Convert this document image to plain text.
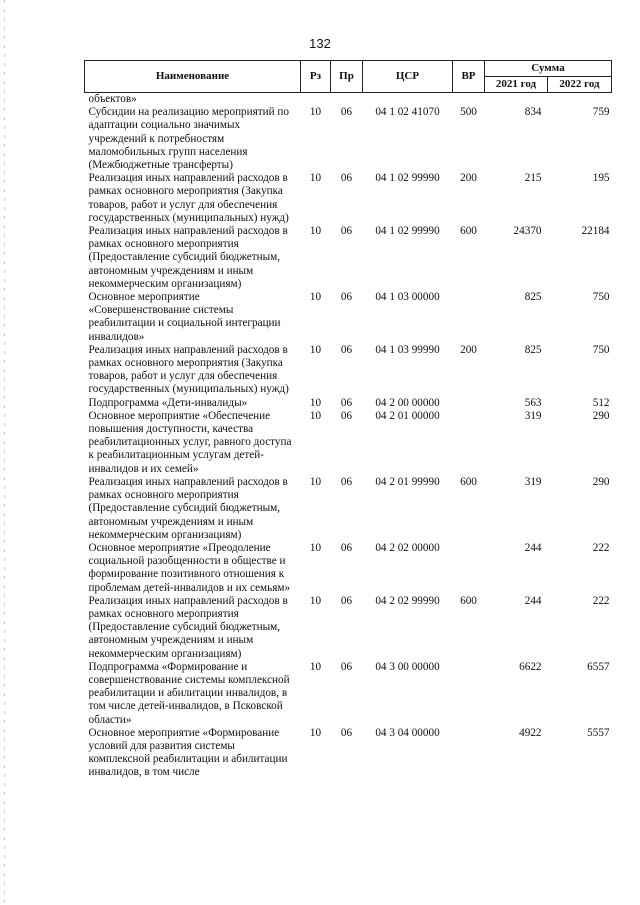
132
Наименование	Рз	Пр	ЦСР	ВР	Сумма	
					2021 год	2022 год
объектов»						
Субсидии на реализацию мероприятий по адаптации социально значимых учреждений к потребностям маломобильных групп населения (Межбюджетные трансферты)	10	06	04 1 02 41070	500	834	759
Реализация иных направлений расходов в рамках основного мероприятия (Закупка товаров, работ и услуг для обеспечения государственных (муниципальных) нужд)	10	06	04 1 02 99990	200	215	195
Реализация иных направлений расходов в рамках основного мероприятия (Предоставление субсидий бюджетным, автономным учреждениям и иным некоммерческим организациям)	10	06	04 1 02 99990	600	24370	22184
Основное мероприятие «Совершенствование системы реабилитации и социальной интеграции инвалидов»	10	06	04 1 03 00000		825	750
Реализация иных направлений расходов в рамках основного мероприятия (Закупка товаров, работ и услуг для обеспечения государственных (муниципальных) нужд)	10	06	04 1 03 99990	200	825	750
Подпрограмма «Дети-инвалиды»	10	06	04 2 00 00000		563	512
Основное мероприятие «Обеспечение повышения доступности, качества реабилитационных услуг, равного доступа к реабилитационным услугам детей-инвалидов и их семей»	10	06	04 2 01 00000		319	290
Реализация иных направлений расходов в рамках основного мероприятия (Предоставление субсидий бюджетным, автономным учреждениям и иным некоммерческим организациям)	10	06	04 2 01 99990	600	319	290
Основное мероприятие «Преодоление социальной разобщенности в обществе и формирование позитивного отношения к проблемам детей-инвалидов и их семьям»	10	06	04 2 02 00000		244	222
Реализация иных направлений расходов в рамках основного мероприятия (Предоставление субсидий бюджетным, автономным учреждениям и иным некоммерческим организациям)	10	06	04 2 02 99990	600	244	222
Подпрограмма «Формирование и совершенствование системы комплексной реабилитации и абилитации инвалидов, в том числе детей-инвалидов, в Псковской области»	10	06	04 3 00 00000		6622	6557
Основное мероприятие «Формирование условий для развития системы комплексной реабилитации и абилитации инвалидов, в том числе	10	06	04 3 04 00000		4922	5557
